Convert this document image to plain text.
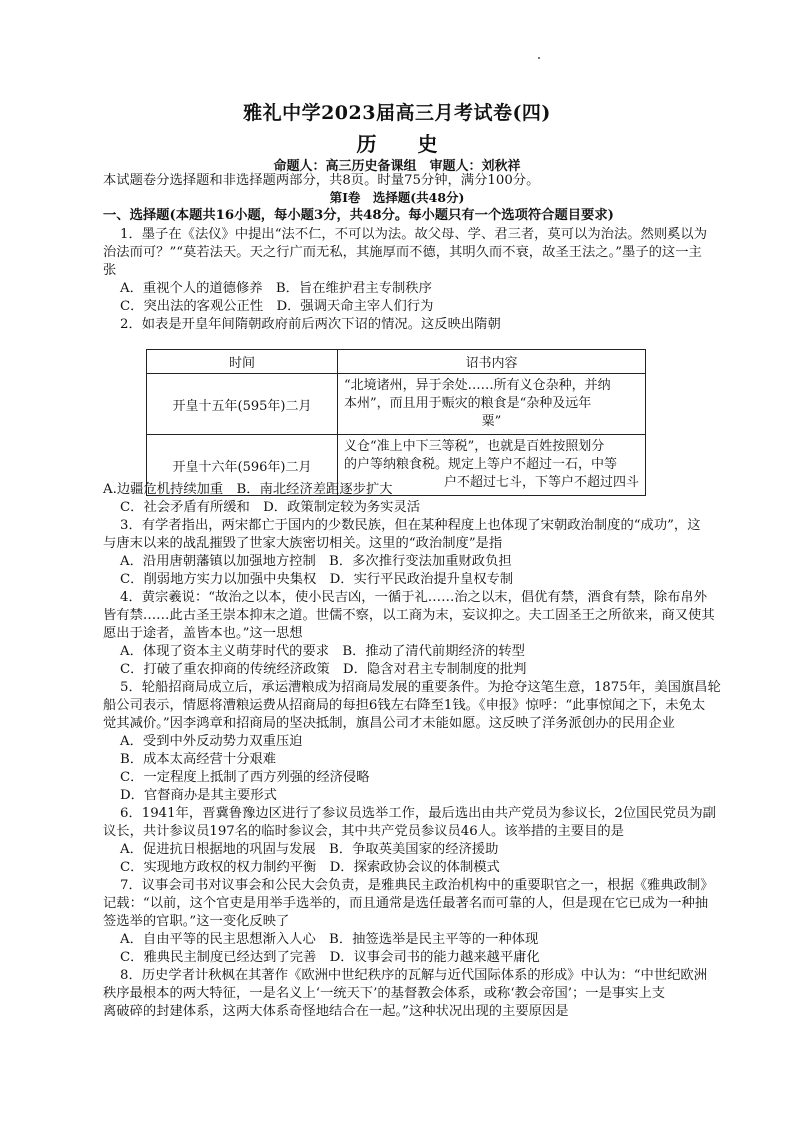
雅礼中学2023届高三月考试卷(四)
历 史
命题人：高三历史备课组　审题人：刘秋祥
本试题卷分选择题和非选择题两部分，共8页。时量75分钟，满分100分。
第Ⅰ卷　选择题(共48分)
一、选择题(本题共16小题，每小题3分，共48分。每小题只有一个选项符合题目要求)
1．墨子在《法仪》中提出“法不仁，不可以为法。故父母、学、君三者，莫可以为治法。然则奚以为
治法而可？”“莫若法天。天之行广而无私，其施厚而不德，其明久而不衰，故圣王法之。”墨子的这一主
张
A．重视个人的道德修养　B．旨在维护君主专制秩序
C．突出法的客观公正性　D．强调天命主宰人们行为
2．如表是开皇年间隋朝政府前后两次下诏的情况。这反映出隋朝
时间	诏书内容
开皇十五年(595年)二月	“北境诸州，异于余处……所有义仓杂种，并纳
本州”，而且用于赈灾的粮食是“杂种及远年
粟”

开皇十六年(596年)二月	义仓“准上中下三等税”，也就是百姓按照划分
的户等纳粮食税。规定上等户不超过一石，中等
户不超过七斗，下等户不超过四斗
A.边疆危机持续加重　B．南北经济差距逐步扩大
C．社会矛盾有所缓和　D．政策制定较为务实灵活
3．有学者指出，两宋都亡于国内的少数民族，但在某种程度上也体现了宋朝政治制度的“成功”，这
与唐末以来的战乱摧毁了世家大族密切相关。这里的“政治制度”是指
A．沿用唐朝藩镇以加强地方控制　B．多次推行变法加重财政负担
C．削弱地方实力以加强中央集权　D．实行平民政治提升皇权专制
4．黄宗羲说：“故治之以本，使小民吉凶，一循于礼……治之以末，倡优有禁，酒食有禁，除布帛外
皆有禁……此古圣王崇本抑末之道。世儒不察，以工商为末，妄议抑之。夫工固圣王之所欲来，商又使其
愿出于途者，盖皆本也。”这一思想
A．体现了资本主义萌芽时代的要求　B．推动了清代前期经济的转型
C．打破了重农抑商的传统经济政策　D．隐含对君主专制制度的批判
5．轮船招商局成立后，承运漕粮成为招商局发展的重要条件。为抢夺这笔生意，1875年，美国旗昌轮
船公司表示，情愿将漕粮运费从招商局的每担6钱左右降至1钱。《申报》惊呼：“此事惊闻之下，未免太
觉其减价。”因李鸿章和招商局的坚决抵制，旗昌公司才未能如愿。这反映了洋务派创办的民用企业
A．受到中外反动势力双重压迫
B．成本太高经营十分艰难
C．一定程度上抵制了西方列强的经济侵略
D．官督商办是其主要形式
6．1941年，晋冀鲁豫边区进行了参议员选举工作，最后选出由共产党员为参议长，2位国民党员为副
议长，共计参议员197名的临时参议会，其中共产党员参议员46人。该举措的主要目的是
A．促进抗日根据地的巩固与发展　B．争取英美国家的经济援助
C．实现地方政权的权力制约平衡　D．探索政协会议的体制模式
7．议事会司书对议事会和公民大会负责，是雅典民主政治机构中的重要职官之一，根据《雅典政制》
记载：“以前，这个官吏是用举手选举的，而且通常是选任最著名而可靠的人，但是现在它已成为一种抽
签选举的官职。”这一变化反映了
A．自由平等的民主思想渐入人心　B．抽签选举是民主平等的一种体现
C．雅典民主制度已经达到了完善　D．议事会司书的能力越来越平庸化
8．历史学者计秋枫在其著作《欧洲中世纪秩序的瓦解与近代国际体系的形成》中认为：“中世纪欧洲
秩序最根本的两大特征，一是名义上‘一统天下’的基督教会体系，或称‘教会帝国’；一是事实上支
离破碎的封建体系，这两大体系奇怪地结合在一起。”这种状况出现的主要原因是
